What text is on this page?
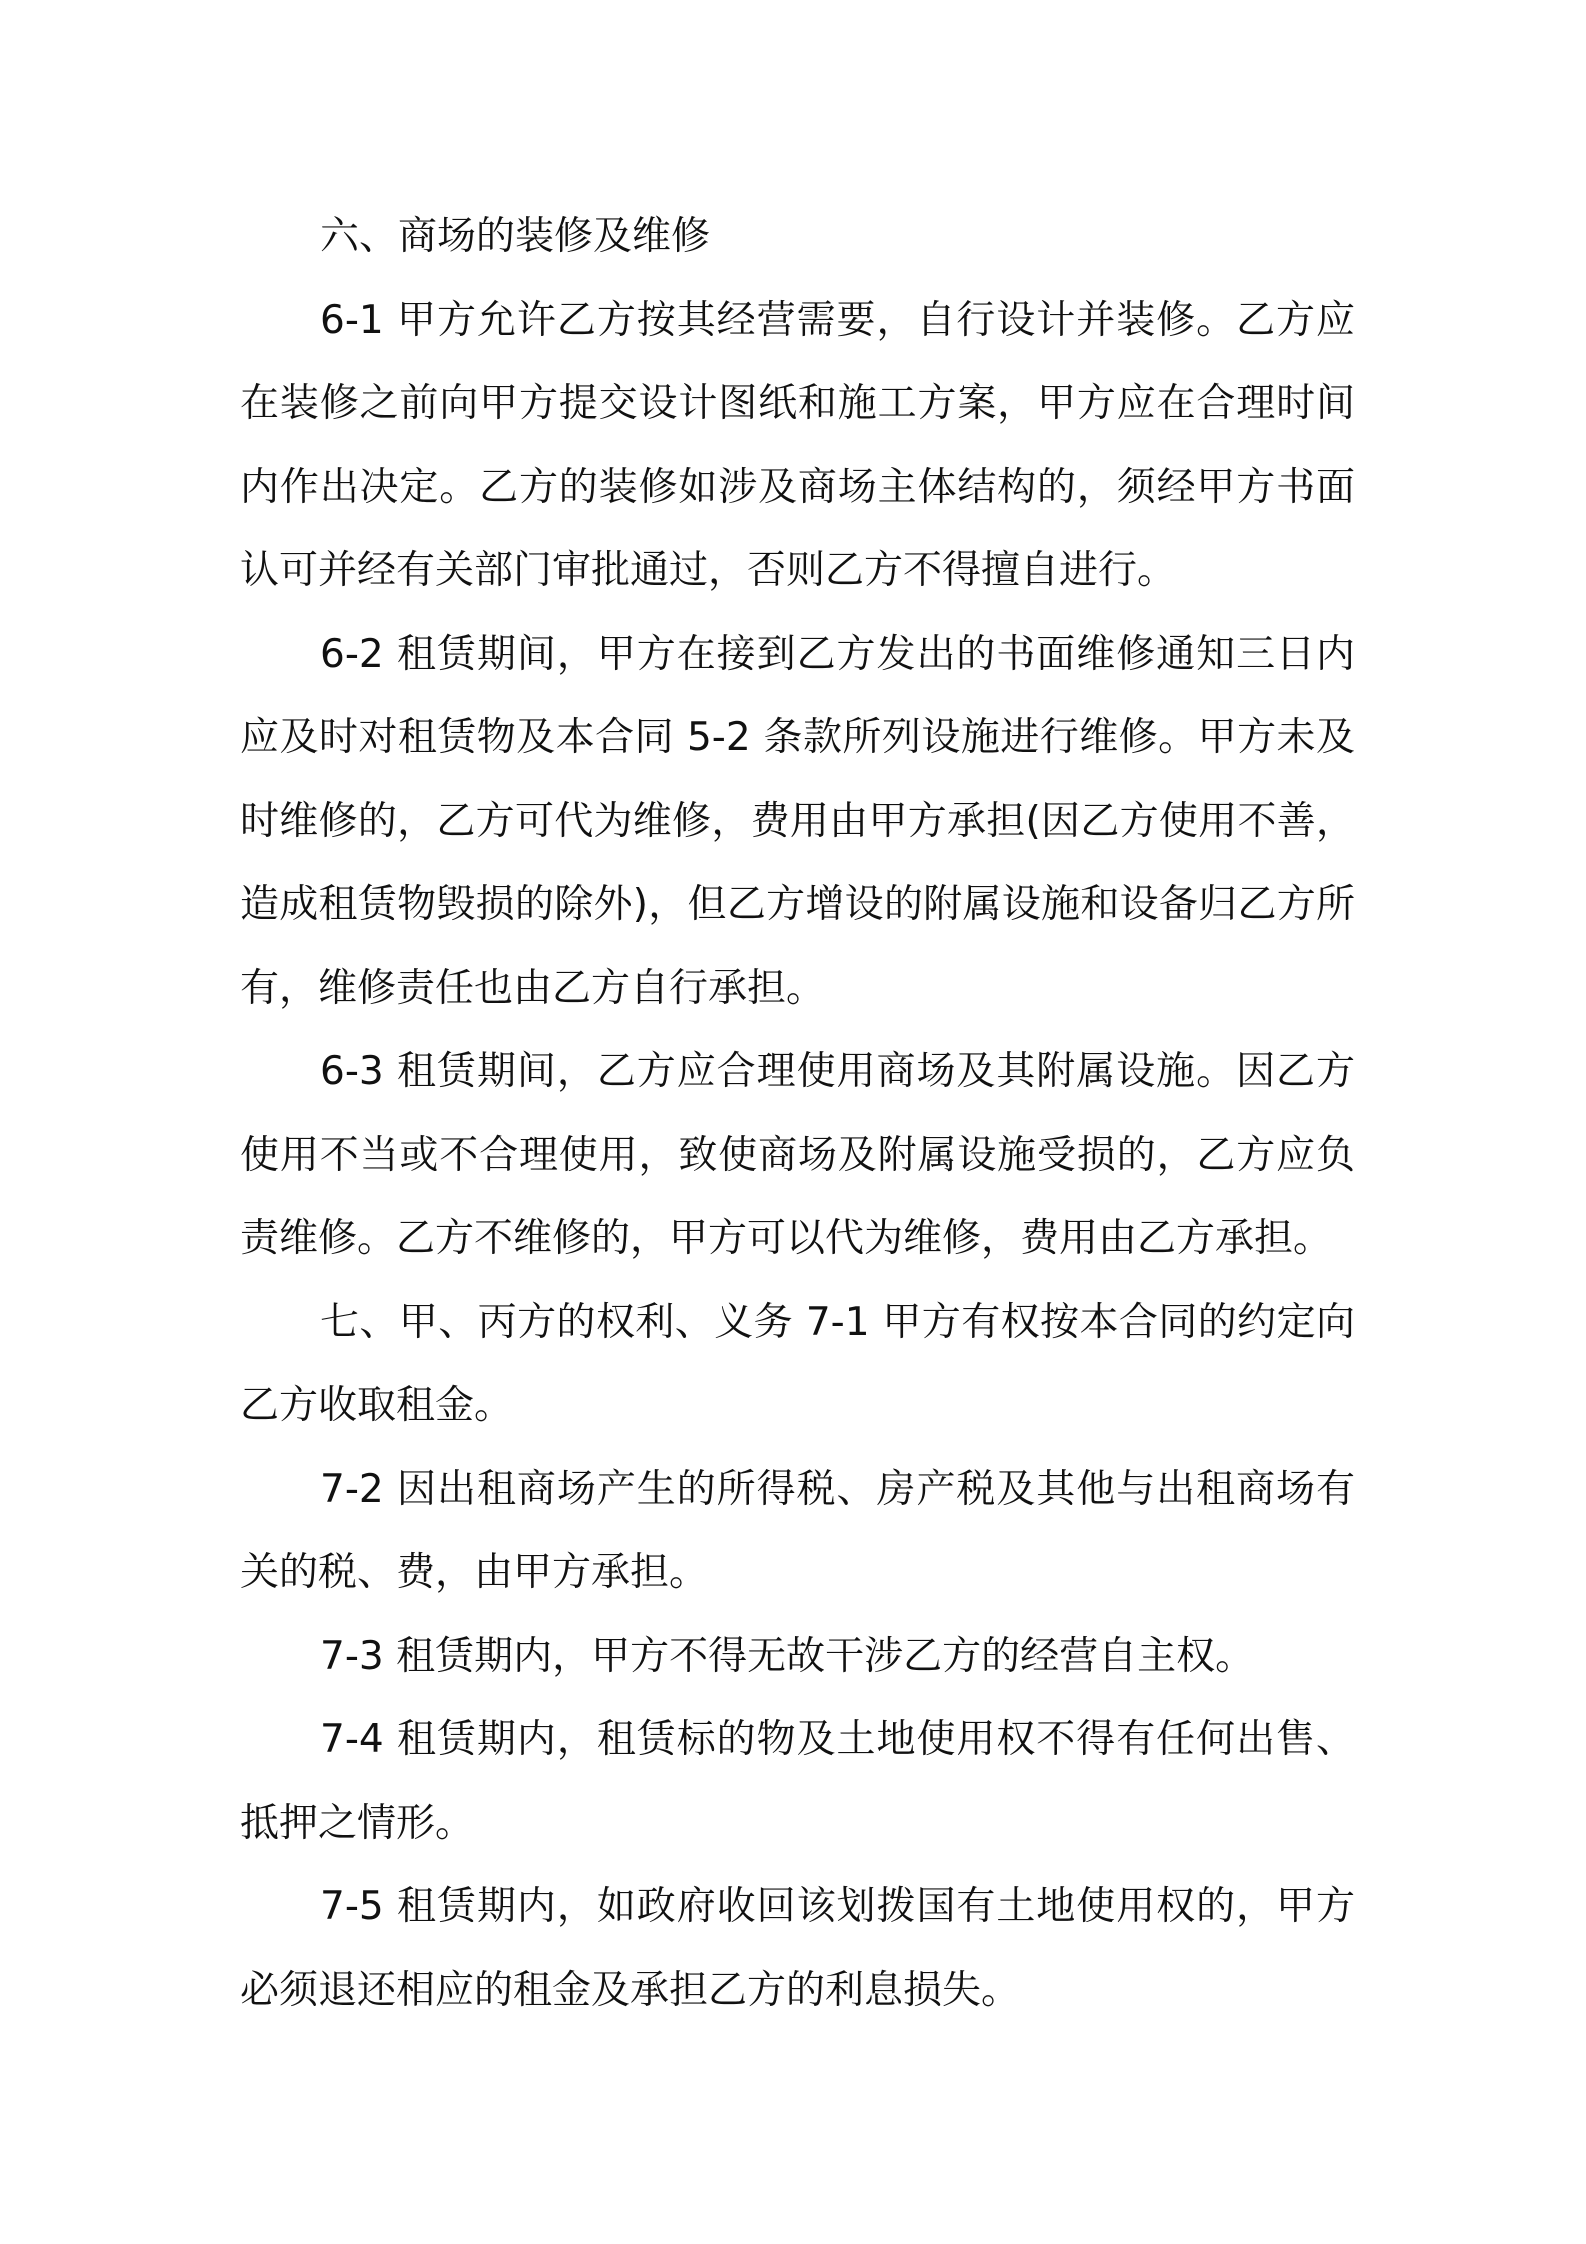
六、商场的装修及维修

6-1 甲方允许乙方按其经营需要，自行设计并装修。乙方应在装修之前向甲方提交设计图纸和施工方案，甲方应在合理时间内作出决定。乙方的装修如涉及商场主体结构的，须经甲方书面认可并经有关部门审批通过，否则乙方不得擅自进行。

6-2 租赁期间，甲方在接到乙方发出的书面维修通知三日内应及时对租赁物及本合同 5-2 条款所列设施进行维修。甲方未及时维修的，乙方可代为维修，费用由甲方承担(因乙方使用不善，造成租赁物毁损的除外)，但乙方增设的附属设施和设备归乙方所有，维修责任也由乙方自行承担。

6-3 租赁期间，乙方应合理使用商场及其附属设施。因乙方使用不当或不合理使用，致使商场及附属设施受损的，乙方应负责维修。乙方不维修的，甲方可以代为维修，费用由乙方承担。

七、甲、丙方的权利、义务 7-1 甲方有权按本合同的约定向乙方收取租金。

7-2 因出租商场产生的所得税、房产税及其他与出租商场有关的税、费，由甲方承担。

7-3 租赁期内，甲方不得无故干涉乙方的经营自主权。

7-4 租赁期内，租赁标的物及土地使用权不得有任何出售、抵押之情形。

7-5 租赁期内，如政府收回该划拨国有土地使用权的，甲方必须退还相应的租金及承担乙方的利息损失。
